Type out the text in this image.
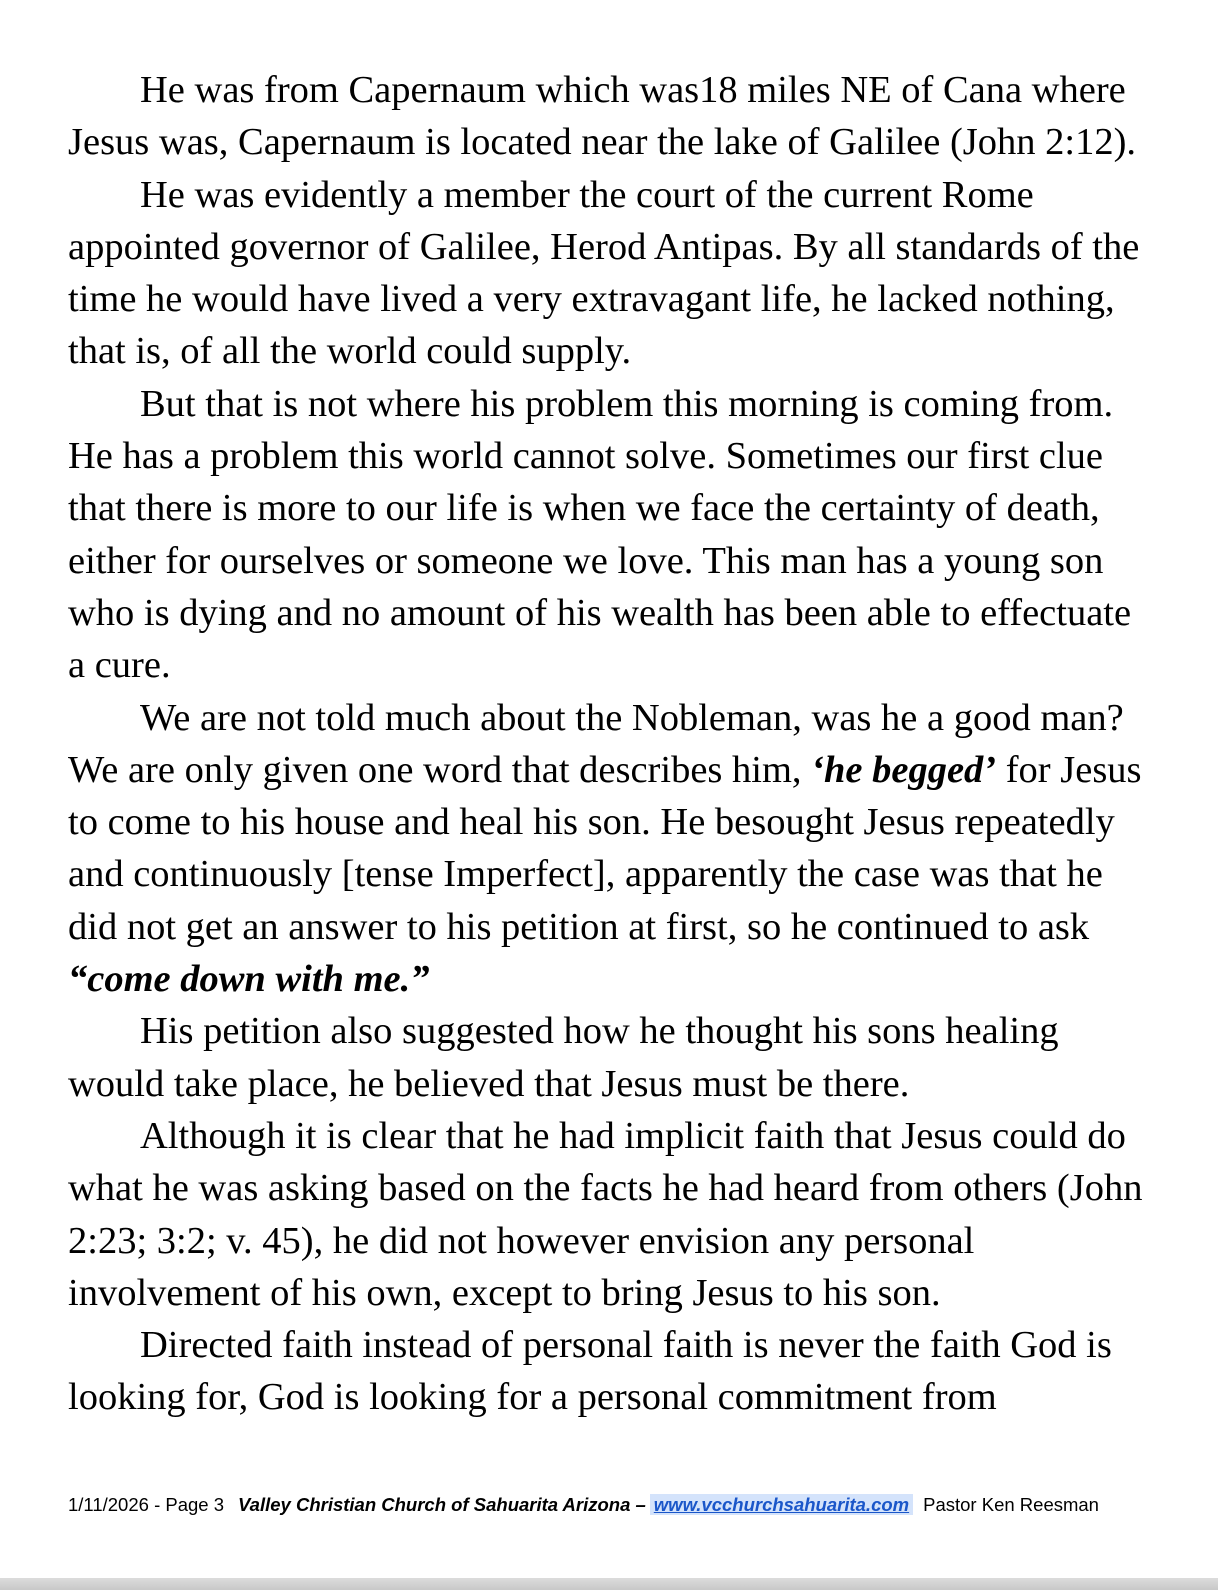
He was from Capernaum which was18 miles NE of Cana where Jesus was, Capernaum is located near the lake of Galilee (John 2:12).

He was evidently a member the court of the current Rome appointed governor of Galilee, Herod Antipas. By all standards of the time he would have lived a very extravagant life, he lacked nothing, that is, of all the world could supply.

But that is not where his problem this morning is coming from. He has a problem this world cannot solve. Sometimes our first clue that there is more to our life is when we face the certainty of death, either for ourselves or someone we love. This man has a young son who is dying and no amount of his wealth has been able to effectuate a cure.

We are not told much about the Nobleman, was he a good man? We are only given one word that describes him, ‘he begged’ for Jesus to come to his house and heal his son. He besought Jesus repeatedly and continuously [tense Imperfect], apparently the case was that he did not get an answer to his petition at first, so he continued to ask “come down with me.”

His petition also suggested how he thought his sons healing would take place, he believed that Jesus must be there.

Although it is clear that he had implicit faith that Jesus could do what he was asking based on the facts he had heard from others (John 2:23; 3:2; v. 45), he did not however envision any personal involvement of his own, except to bring Jesus to his son.

Directed faith instead of personal faith is never the faith God is looking for, God is looking for a personal commitment from

1/11/2026 - Page 3 Valley Christian Church of Sahuarita Arizona – www.vcchurchsahuarita.com Pastor Ken Reesman
